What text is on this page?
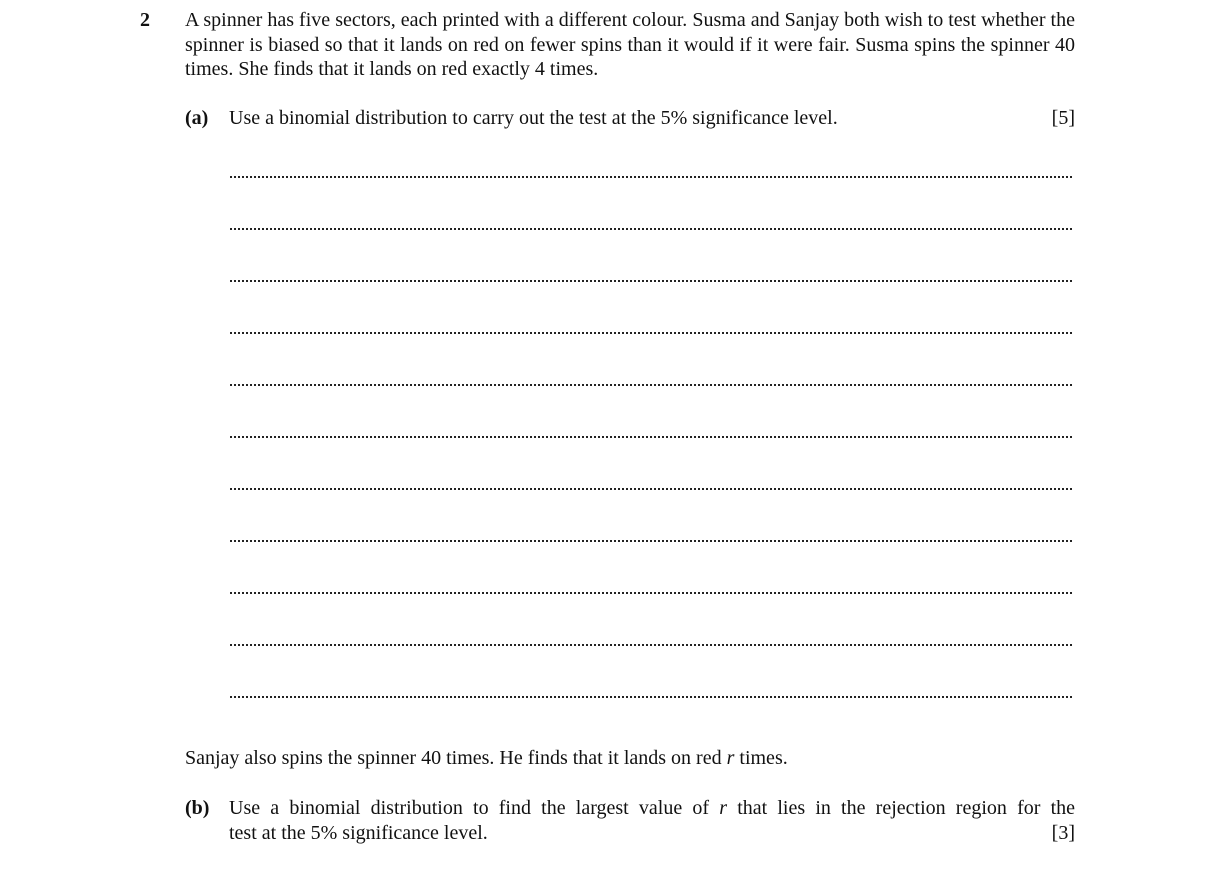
2 A spinner has five sectors, each printed with a different colour. Susma and Sanjay both wish to test whether the spinner is biased so that it lands on red on fewer spins than it would if it were fair. Susma spins the spinner 40 times. She finds that it lands on red exactly 4 times.
(a) Use a binomial distribution to carry out the test at the 5% significance level.	[5]
Sanjay also spins the spinner 40 times. He finds that it lands on red r times.
(b) Use a binomial distribution to find the largest value of r that lies in the rejection region for the
test at the 5% significance level.	[3]
